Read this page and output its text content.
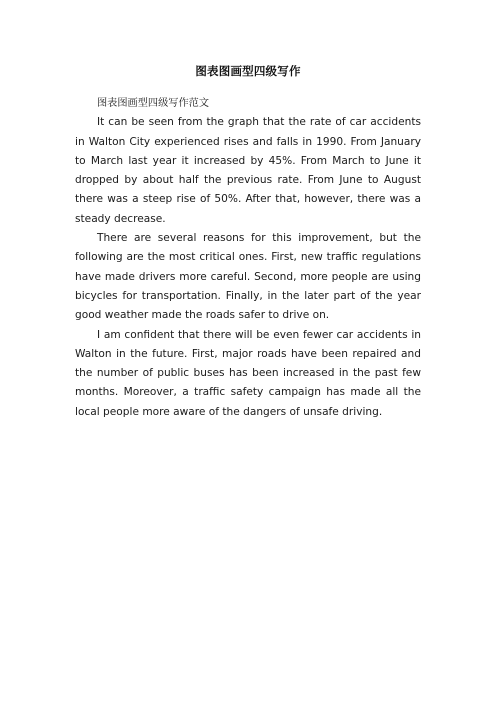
图表图画型四级写作

图表图画型四级写作范文

It can be seen from the graph that the rate of car accidents in Walton City experienced rises and falls in 1990. From January to March last year it increased by 45%. From March to June it dropped by about half the previous rate. From June to August there was a steep rise of 50%. After that, however, there was a steady decrease.

There are several reasons for this improvement, but the following are the most critical ones. First, new traffic regulations have made drivers more careful. Second, more people are using bicycles for transportation. Finally, in the later part of the year good weather made the roads safer to drive on.

I am confident that there will be even fewer car accidents in Walton in the future. First, major roads have been repaired and the number of public buses has been increased in the past few months. Moreover, a traffic safety campaign has made all the local people more aware of the dangers of unsafe driving.
